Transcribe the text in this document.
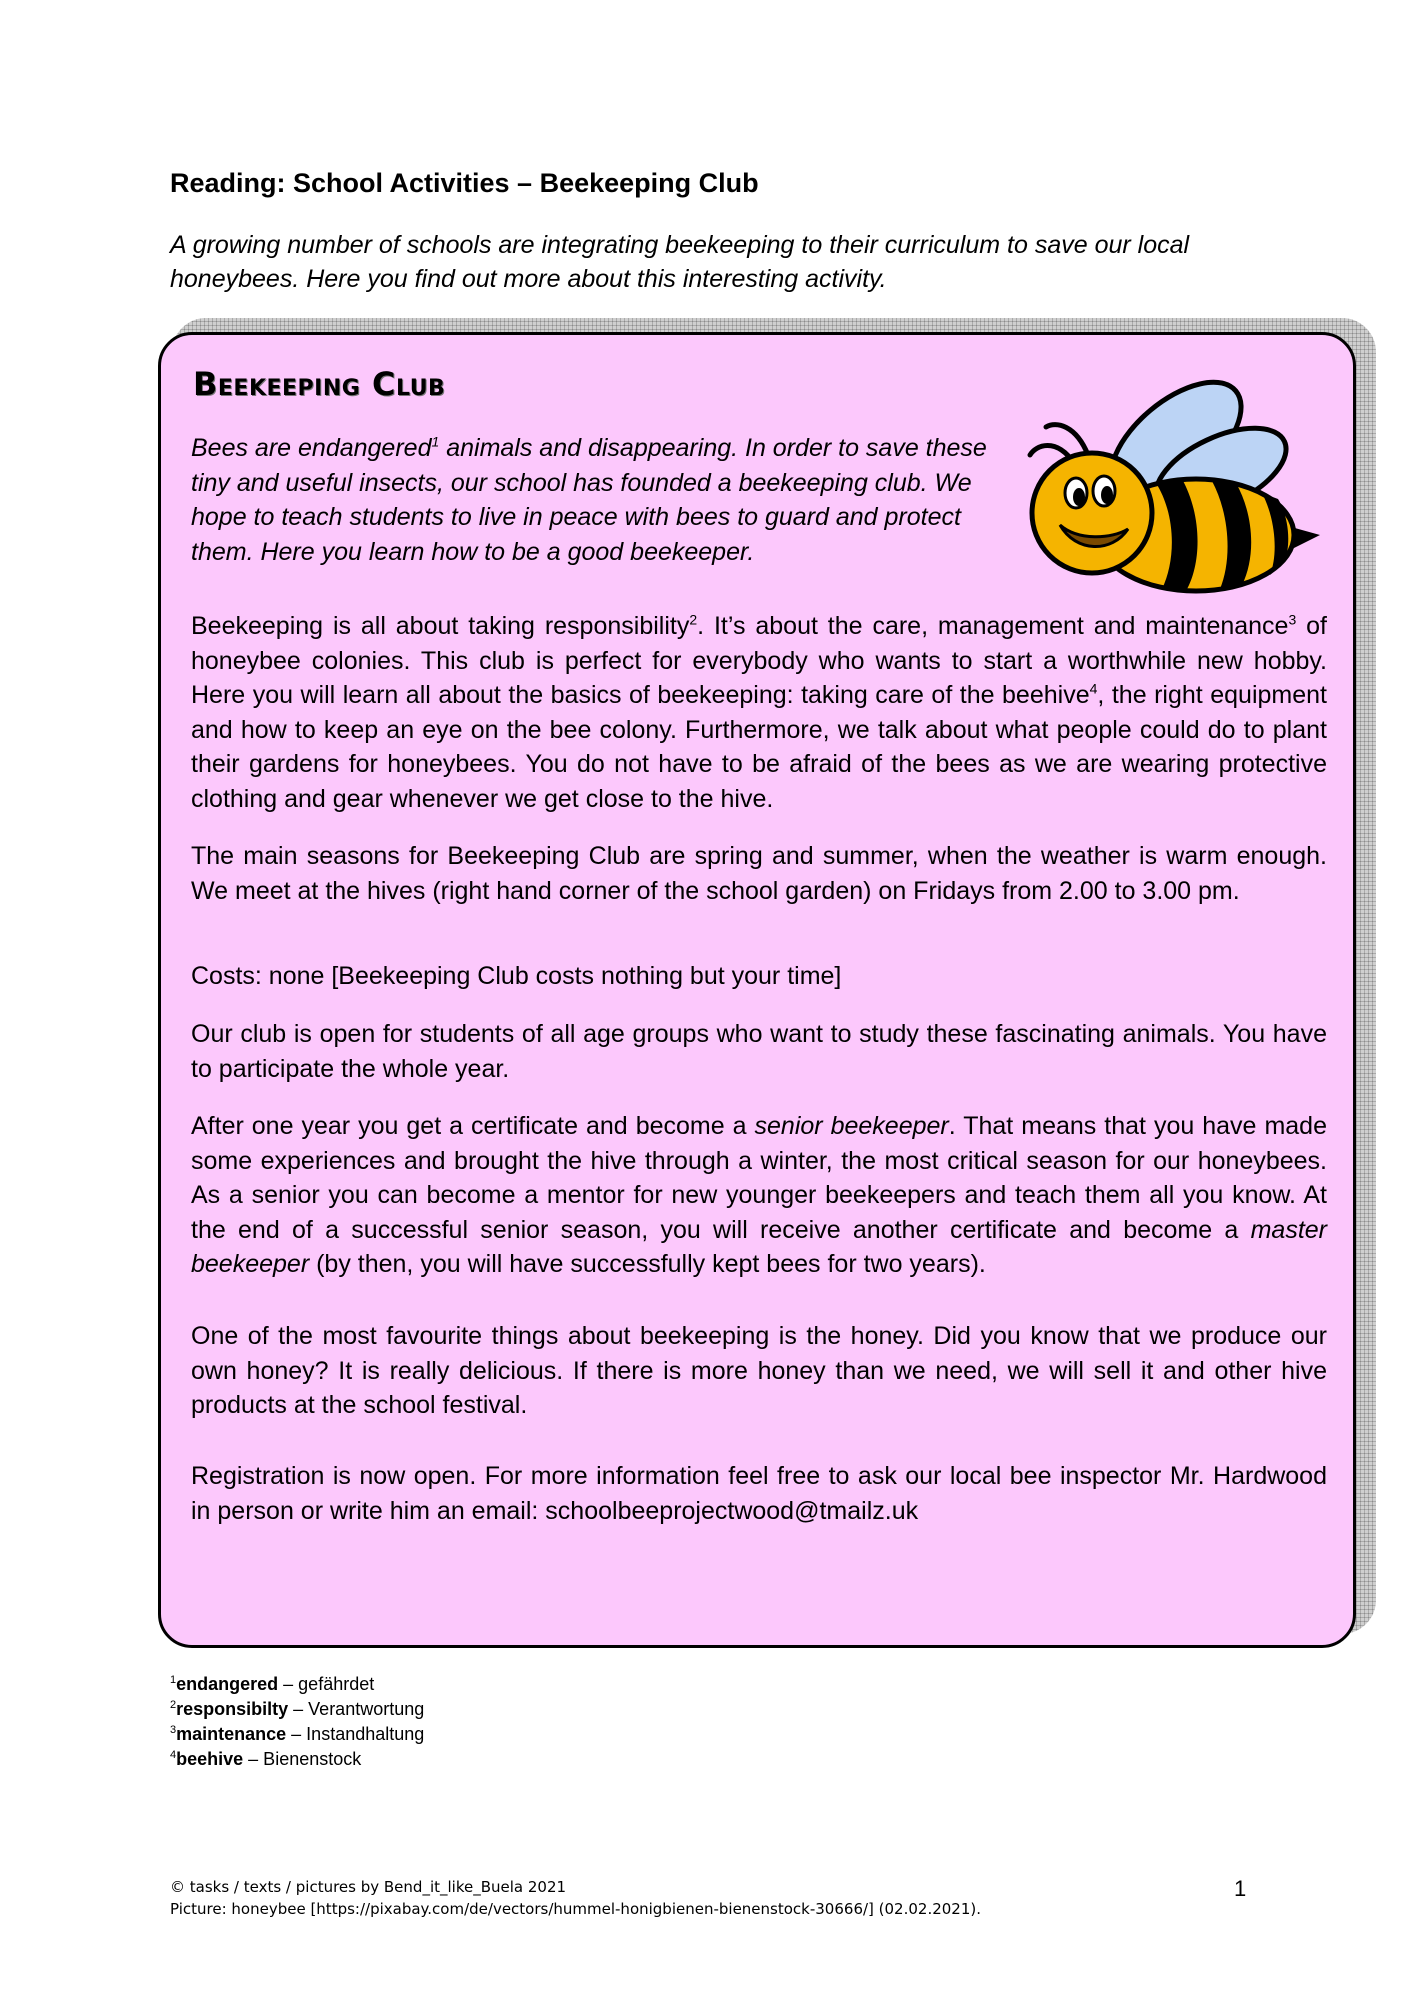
Reading: School Activities – Beekeeping Club

A growing number of schools are integrating beekeeping to their curriculum to save our local honeybees. Here you find out more about this interesting activity.

Beekeeping Club

Bees are endangered$^1$ animals and disappearing. In order to save these tiny and useful insects, our school has founded a beekeeping club. We hope to teach students to live in peace with bees to guard and protect them. Here you learn how to be a good beekeeper.

Beekeeping is all about taking responsibility$^2$. It’s about the care, management and maintenance$^3$ of honeybee colonies. This club is perfect for everybody who wants to start a worthwhile new hobby. Here you will learn all about the basics of beekeeping: taking care of the beehive$^4$, the right equipment and how to keep an eye on the bee colony. Furthermore, we talk about what people could do to plant their gardens for honeybees. You do not have to be afraid of the bees as we are wearing protective clothing and gear whenever we get close to the hive.

The main seasons for Beekeeping Club are spring and summer, when the weather is warm enough. We meet at the hives (right hand corner of the school garden) on Fridays from 2.00 to 3.00 pm.

Costs: none [Beekeeping Club costs nothing but your time]

Our club is open for students of all age groups who want to study these fascinating animals. You have to participate the whole year.

After one year you get a certificate and become a senior beekeeper. That means that you have made some experiences and brought the hive through a winter, the most critical season for our honeybees. As a senior you can become a mentor for new younger beekeepers and teach them all you know. At the end of a successful senior season, you will receive another certificate and become a master beekeeper (by then, you will have successfully kept bees for two years).

One of the most favourite things about beekeeping is the honey. Did you know that we produce our own honey? It is really delicious. If there is more honey than we need, we will sell it and other hive products at the school festival.

Registration is now open. For more information feel free to ask our local bee inspector Mr. Hardwood in person or write him an email: schoolbeeprojectwood@tmailz.uk

$^1$endangered – gefährdet

$^2$responsibilty – Verantwortung

$^3$maintenance – Instandhaltung

$^4$beehive – Bienenstock

© tasks / texts / pictures by Bend_it_like_Buela 2021
Picture: honeybee [https://pixabay.com/de/vectors/hummel-honigbienen-bienenstock-30666/] (02.02.2021).
1
